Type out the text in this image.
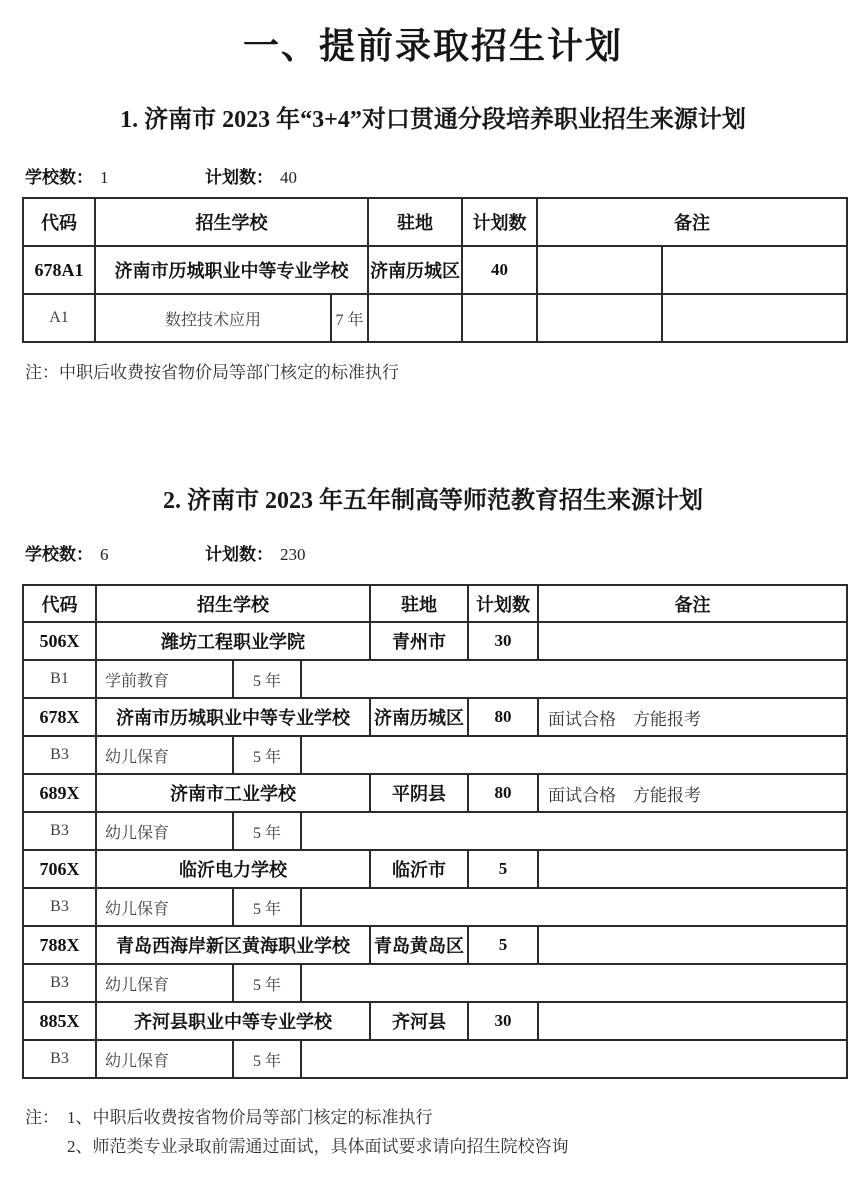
一、提前录取招生计划
1. 济南市 2023 年“3+4”对口贯通分段培养职业招生来源计划
学校数： 1	计划数： 40
代码	招生学校		驻地	计划数	备注	
678A1	济南市历城职业中等专业学校		济南历城区	40		
A1	数控技术应用	7 年				
注：中职后收费按省物价局等部门核定的标准执行
2. 济南市 2023 年五年制高等师范教育招生来源计划
学校数： 6	计划数： 230
代码	招生学校			驻地	计划数	备注
506X	潍坊工程职业学院			青州市	30	
B1	学前教育	5 年				
678X	济南市历城职业中等专业学校			济南历城区	80	面试合格　方能报考
B3	幼儿保育	5 年				
689X	济南市工业学校			平阴县	80	面试合格　方能报考
B3	幼儿保育	5 年				
706X	临沂电力学校			临沂市	5	
B3	幼儿保育	5 年				
788X	青岛西海岸新区黄海职业学校			青岛黄岛区	5	
B3	幼儿保育	5 年				
885X	齐河县职业中等专业学校			齐河县	30	
B3	幼儿保育	5 年				
注： 1、中职后收费按省物价局等部门核定的标准执行
2、师范类专业录取前需通过面试，具体面试要求请向招生院校咨询
